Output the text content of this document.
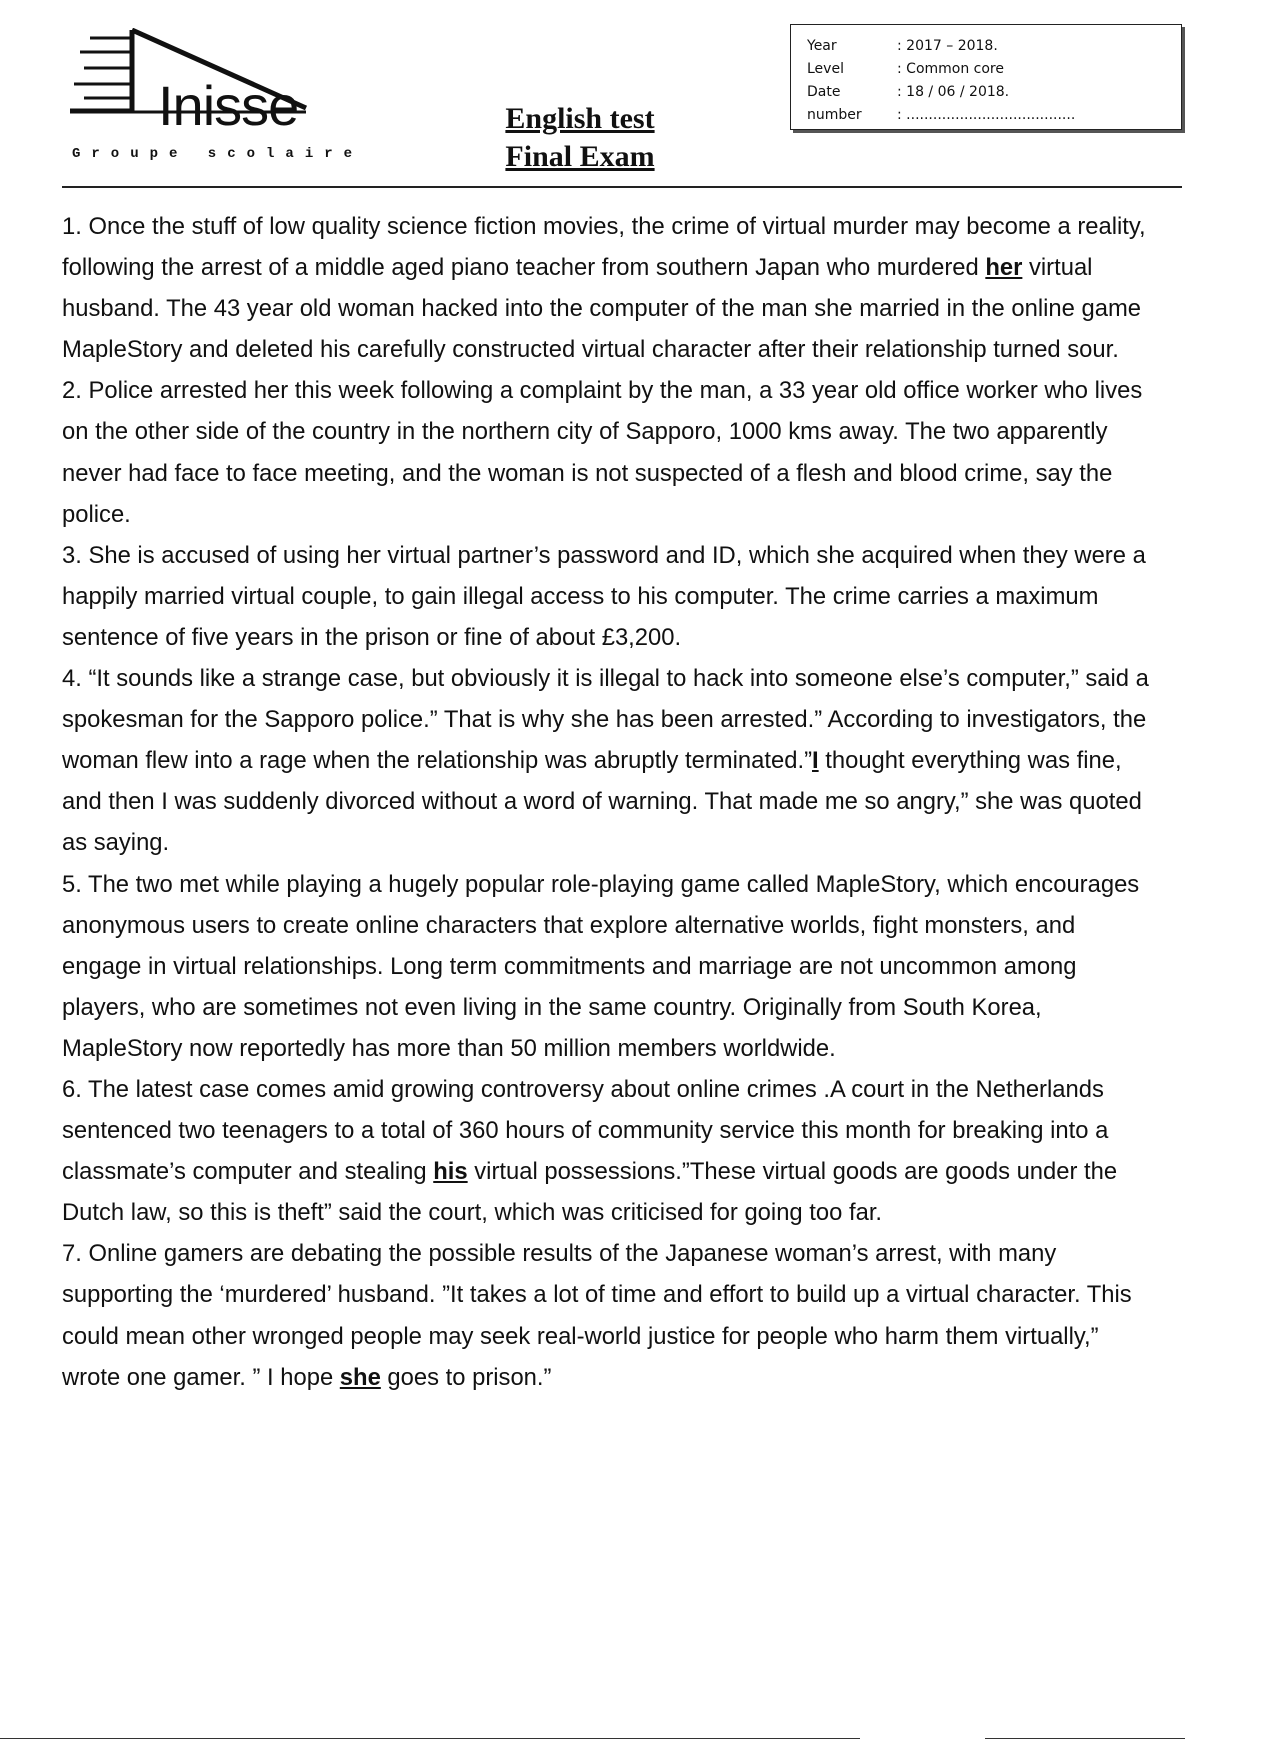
Inisse
Groupe scolaire
English test
Final Exam
Year	: 2017 – 2018.
Level	: Common core
Date	: 18 / 06 / 2018.
number	: ......................................

1. Once the stuff of low quality science fiction movies, the crime of virtual murder may become a reality, following the arrest of a middle aged piano teacher from southern Japan who murdered her virtual husband. The 43 year old woman hacked into the computer of the man she married in the online game MapleStory and deleted his carefully constructed virtual character after their relationship turned sour.

2. Police arrested her this week following a complaint by the man, a 33 year old office worker who lives on the other side of the country in the northern city of Sapporo, 1000 kms away. The two apparently never had face to face meeting, and the woman is not suspected of a flesh and blood crime, say the police.

3. She is accused of using her virtual partner’s password and ID, which she acquired when they were a happily married virtual couple, to gain illegal access to his computer. The crime carries a maximum sentence of five years in the prison or fine of about £3,200.

4. “It sounds like a strange case, but obviously it is illegal to hack into someone else’s computer,” said a spokesman for the Sapporo police.” That is why she has been arrested.” According to investigators, the woman flew into a rage when the relationship was abruptly terminated.”I thought everything was fine, and then I was suddenly divorced without a word of warning. That made me so angry,” she was quoted as saying.

5. The two met while playing a hugely popular role-playing game called MapleStory, which encourages anonymous users to create online characters that explore alternative worlds, fight monsters, and engage in virtual relationships. Long term commitments and marriage are not uncommon among players, who are sometimes not even living in the same country. Originally from South Korea, MapleStory now reportedly has more than 50 million members worldwide.

6. The latest case comes amid growing controversy about online crimes .A court in the Netherlands sentenced two teenagers to a total of 360 hours of community service this month for breaking into a classmate’s computer and stealing his virtual possessions.”These virtual goods are goods under the Dutch law, so this is theft” said the court, which was criticised for going too far.

7. Online gamers are debating the possible results of the Japanese woman’s arrest, with many supporting the ‘murdered’ husband. ”It takes a lot of time and effort to build up a virtual character. This could mean other wronged people may seek real-world justice for people who harm them virtually,” wrote one gamer. ” I hope she goes to prison.”
